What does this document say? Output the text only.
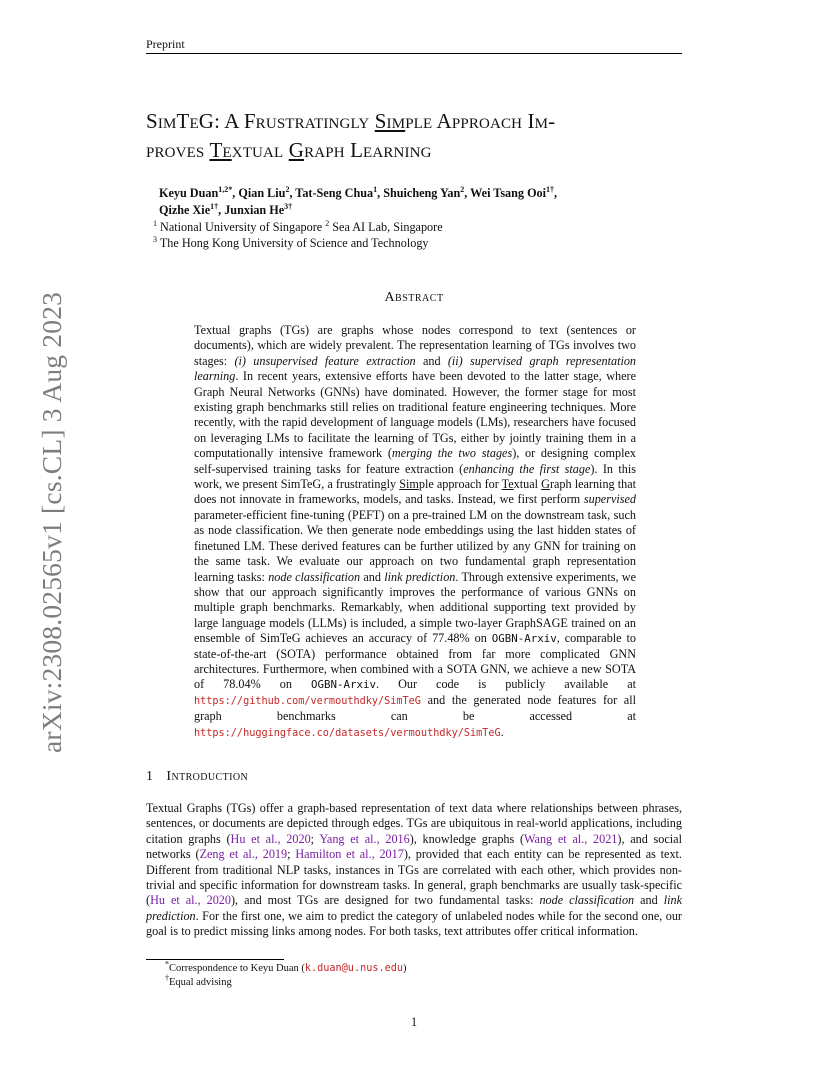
Preprint
arXiv:2308.02565v1 [cs.CL] 3 Aug 2023
SimTeG: A Frustratingly Simple Approach Im-
proves Textual Graph Learning
Keyu Duan$^{1,2*}$, Qian Liu$^2$, Tat-Seng Chua$^1$, Shuicheng Yan$^2$, Wei Tsang Ooi$^{1\dagger}$,
Qizhe Xie$^{1\dagger}$, Junxian $He^{3\dagger}$
$^1$ National University of Singapore $^2$ Sea AI Lab, Singapore
$^3$ The Hong Kong University of Science and Technology
Abstract
Textual graphs (TGs) are graphs whose nodes correspond to text (sentences or documents), which are widely prevalent. The representation learning of TGs involves two stages: (i) unsupervised feature extraction and (ii) supervised graph representation learning. In recent years, extensive efforts have been devoted to the latter stage, where Graph Neural Networks (GNNs) have dominated. However, the former stage for most existing graph benchmarks still relies on traditional feature engineering techniques. More recently, with the rapid development of language models (LMs), researchers have focused on leveraging LMs to facilitate the learning of TGs, either by jointly training them in a computationally intensive framework (merging the two stages), or designing complex self-supervised training tasks for feature extraction (enhancing the first stage). In this work, we present SimTeG, a frustratingly Simple approach for Textual Graph learning that does not innovate in frameworks, models, and tasks. Instead, we first perform supervised parameter-efficient fine-tuning (PEFT) on a pre-trained LM on the downstream task, such as node classification. We then generate node embeddings using the last hidden states of finetuned LM. These derived features can be further utilized by any GNN for training on the same task. We evaluate our approach on two fundamental graph representation learning tasks: node classification and link prediction. Through extensive experiments, we show that our approach significantly improves the performance of various GNNs on multiple graph benchmarks. Remarkably, when additional supporting text provided by large language models (LLMs) is included, a simple two-layer GraphSAGE trained on an ensemble of SimTeG achieves an accuracy of 77.48% on OGBN-Arxiv, comparable to state-of-the-art (SOTA) performance obtained from far more complicated GNN architectures. Furthermore, when combined with a SOTA GNN, we achieve a new SOTA of 78.04% on OGBN-Arxiv. Our code is publicly available at https://github.com/vermouthdky/SimTeG and the generated node features for all graph benchmarks can be accessed at https://huggingface.co/datasets/vermouthdky/SimTeG.
1 Introduction
Textual Graphs (TGs) offer a graph-based representation of text data where relationships between phrases, sentences, or documents are depicted through edges. TGs are ubiquitous in real-world applications, including citation graphs (Hu et al., 2020; Yang et al., 2016), knowledge graphs (Wang et al., 2021), and social networks (Zeng et al., 2019; Hamilton et al., 2017), provided that each entity can be represented as text. Different from traditional NLP tasks, instances in TGs are correlated with each other, which provides non-trivial and specific information for downstream tasks. In general, graph benchmarks are usually task-specific (Hu et al., 2020), and most TGs are designed for two fundamental tasks: node classification and link prediction. For the first one, we aim to predict the category of unlabeled nodes while for the second one, our goal is to predict missing links among nodes. For both tasks, text attributes offer critical information.
*Correspondence to Keyu Duan (k.duan@u.nus.edu)
†Equal advising
1
